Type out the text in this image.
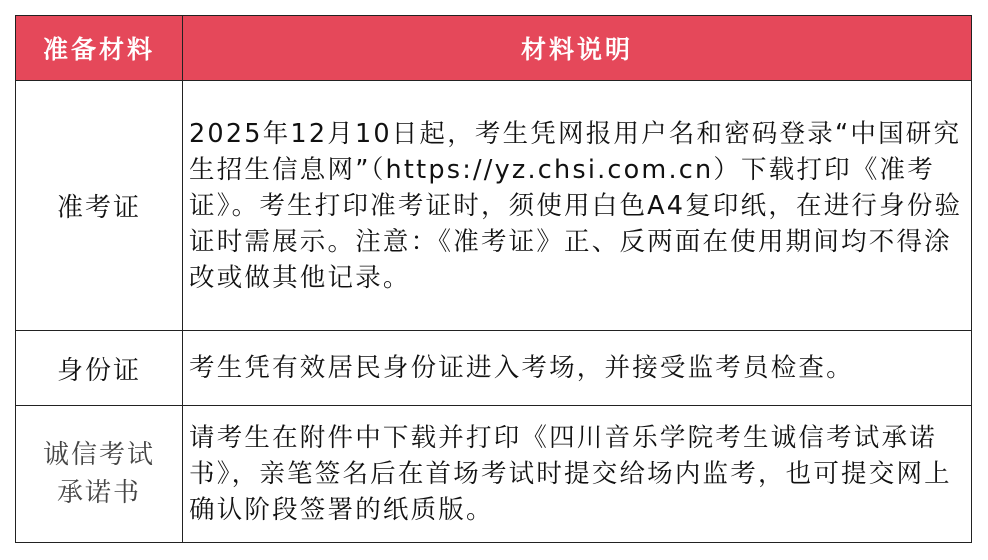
准备材料	材料说明
准考证	2025年12月10日起，考生凭网报用户名和密码登录“中国研究生招生信息网”（https://yz.chsi.com.cn）下载打印《准考证》。考生打印准考证时，须使用白色A4复印纸，在进行身份验证时需展示。注意：《准考证》正、反两面在使用期间均不得涂改或做其他记录。
身份证	考生凭有效居民身份证进入考场，并接受监考员检查。

诚信考试承诺书	请考生在附件中下载并打印《四川音乐学院考生诚信考试承诺书》，亲笔签名后在首场考试时提交给场内监考，也可提交网上确认阶段签署的纸质版。
